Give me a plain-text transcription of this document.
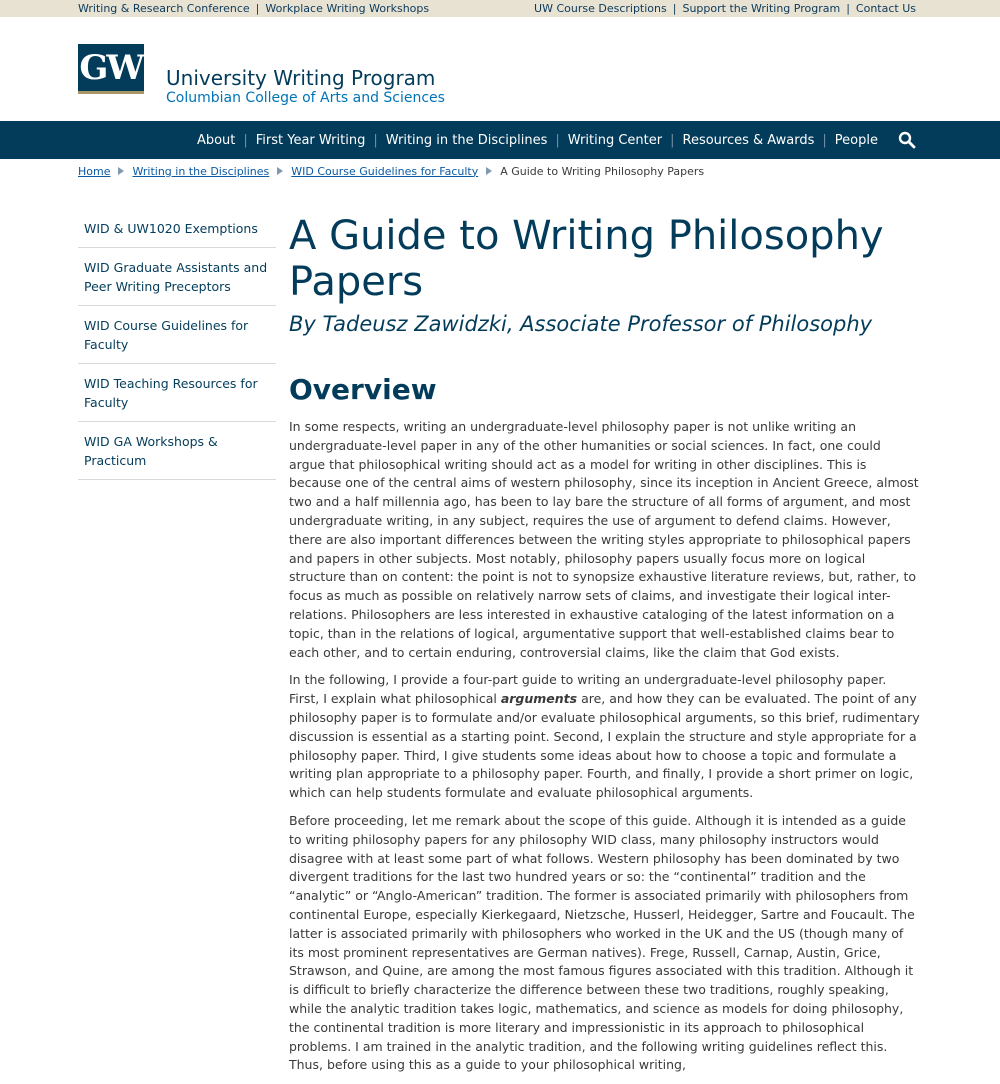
Writing & Research Conference | Workplace Writing Workshops	UW Course Descriptions | Support the Writing Program | Contact Us
GW University Writing Program
Columbian College of Arts and Sciences
About | First Year Writing | Writing in the Disciplines | Writing Center | Resources & Awards | People
Home Writing in the Disciplines WID Course Guidelines for Faculty A Guide to Writing Philosophy Papers
WID & UW1020 Exemptions
WID Graduate Assistants and Peer Writing Preceptors
WID Course Guidelines for Faculty
WID Teaching Resources for Faculty
WID GA Workshops & Practicum
A Guide to Writing Philosophy Papers
By Tadeusz Zawidzki, Associate Professor of Philosophy
Overview

In some respects, writing an undergraduate-level philosophy paper is not unlike writing an undergraduate-level paper in any of the other humanities or social sciences. In fact, one could argue that philosophical writing should act as a model for writing in other disciplines. This is because one of the central aims of western philosophy, since its inception in Ancient Greece, almost two and a half millennia ago, has been to lay bare the structure of all forms of argument, and most undergraduate writing, in any subject, requires the use of argument to defend claims. However, there are also important differences between the writing styles appropriate to philosophical papers and papers in other subjects. Most notably, philosophy papers usually focus more on logical structure than on content: the point is not to synopsize exhaustive literature reviews, but, rather, to focus as much as possible on relatively narrow sets of claims, and investigate their logical inter-relations. Philosophers are less interested in exhaustive cataloging of the latest information on a topic, than in the relations of logical, argumentative support that well-established claims bear to each other, and to certain enduring, controversial claims, like the claim that God exists.

In the following, I provide a four-part guide to writing an undergraduate-level philosophy paper. First, I explain what philosophical arguments are, and how they can be evaluated. The point of any philosophy paper is to formulate and/or evaluate philosophical arguments, so this brief, rudimentary discussion is essential as a starting point. Second, I explain the structure and style appropriate for a philosophy paper. Third, I give students some ideas about how to choose a topic and formulate a writing plan appropriate to a philosophy paper. Fourth, and finally, I provide a short primer on logic, which can help students formulate and evaluate philosophical arguments.

Before proceeding, let me remark about the scope of this guide. Although it is intended as a guide to writing philosophy papers for any philosophy WID class, many philosophy instructors would disagree with at least some part of what follows. Western philosophy has been dominated by two divergent traditions for the last two hundred years or so: the “continental” tradition and the “analytic” or “Anglo-American” tradition. The former is associated primarily with philosophers from continental Europe, especially Kierkegaard, Nietzsche, Husserl, Heidegger, Sartre and Foucault. The latter is associated primarily with philosophers who worked in the UK and the US (though many of its most prominent representatives are German natives). Frege, Russell, Carnap, Austin, Grice, Strawson, and Quine, are among the most famous figures associated with this tradition. Although it is difficult to briefly characterize the difference between these two traditions, roughly speaking, while the analytic tradition takes logic, mathematics, and science as models for doing philosophy, the continental tradition is more literary and impressionistic in its approach to philosophical problems. I am trained in the analytic tradition, and the following writing guidelines reflect this. Thus, before using this as a guide to your philosophical writing,
